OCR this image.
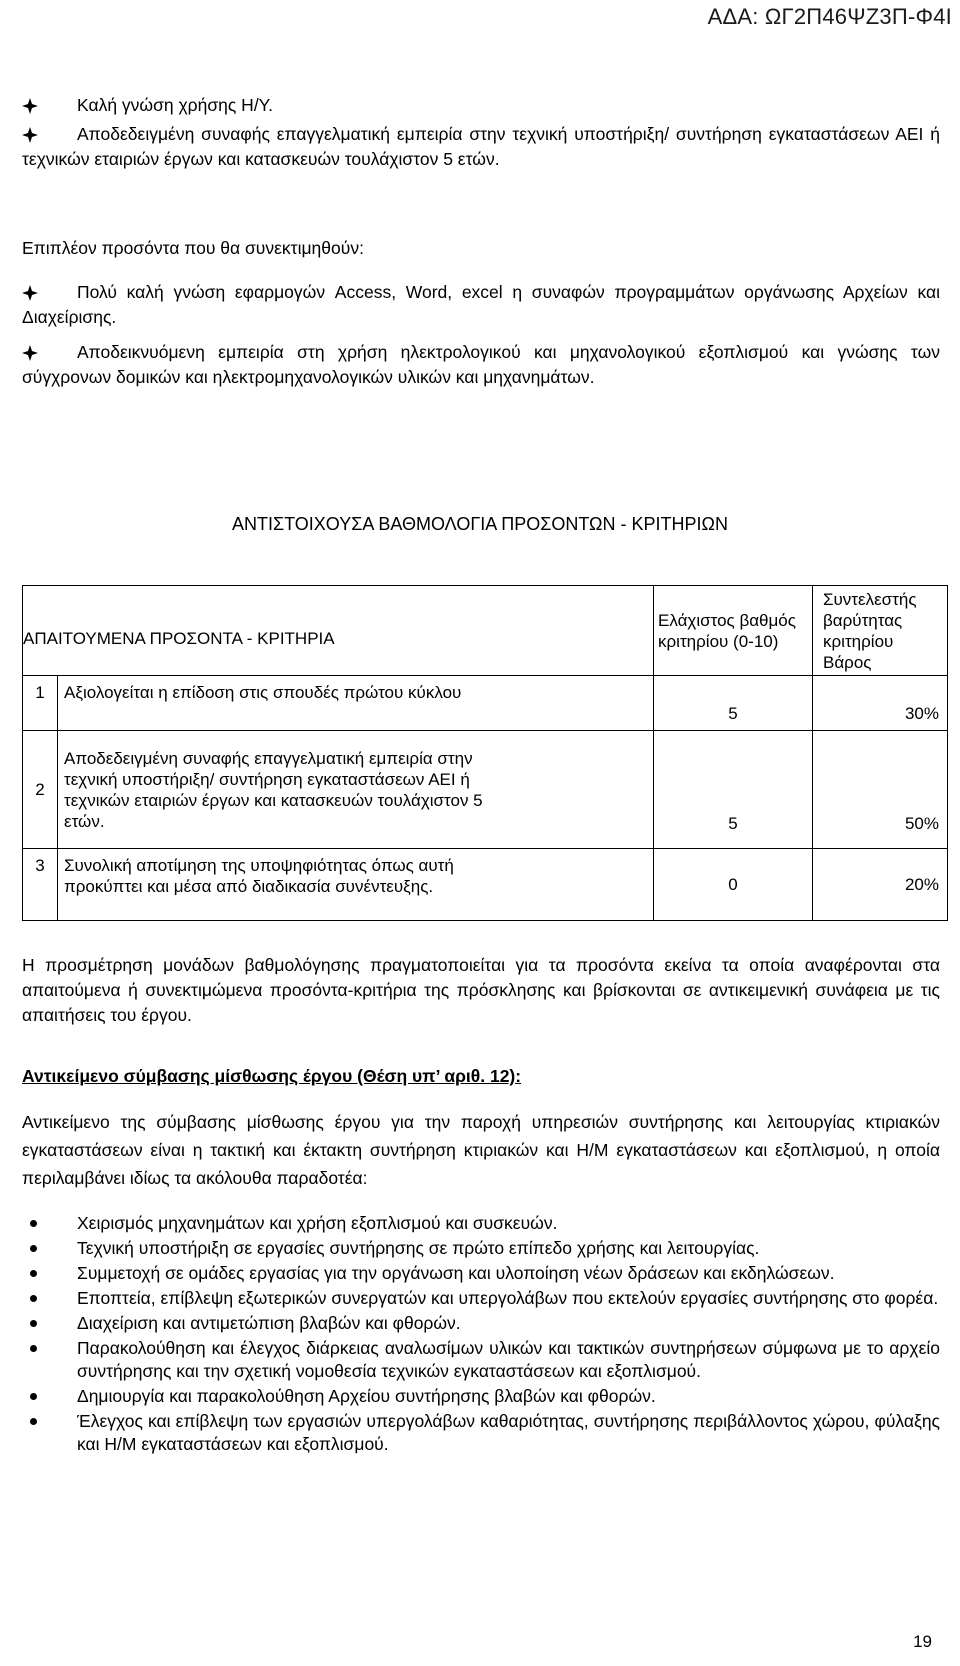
ΑΔΑ: ΩΓ2Π46ΨΖ3Π-Φ4Ι
Καλή γνώση χρήσης Η/Υ.
Αποδεδειγμένη συναφής επαγγελματική εμπειρία στην τεχνική υποστήριξη/ συντήρηση εγκαταστάσεων ΑΕΙ ή τεχνικών εταιριών έργων και κατασκευών τουλάχιστον 5 ετών.
Επιπλέον προσόντα που θα συνεκτιμηθούν:
Πολύ καλή γνώση εφαρμογών Access, Word, excel η συναφών προγραμμάτων οργάνωσης Αρχείων και Διαχείρισης.
Αποδεικνυόμενη εμπειρία στη χρήση ηλεκτρολογικού και μηχανολογικού εξοπλισμού και γνώσης των σύγχρονων δομικών και ηλεκτρομηχανολογικών υλικών και μηχανημάτων.
ΑΝΤΙΣΤΟΙΧΟΥΣΑ ΒΑΘΜΟΛΟΓΙΑ ΠΡΟΣΟΝΤΩΝ - ΚΡΙΤΗΡΙΩΝ
ΑΠΑΙΤΟΥΜΕΝΑ ΠΡΟΣΟΝΤΑ - ΚΡΙΤΗΡΙΑ		Ελάχιστος βαθμός κριτηρίου (0-10)	Συντελεστής βαρύτητας κριτηρίου Βάρος
1	Αξιολογείται η επίδοση στις σπουδές πρώτου κύκλου	5	30%
2	Αποδεδειγμένη συναφής επαγγελματική εμπειρία στην τεχνική υποστήριξη/ συντήρηση εγκαταστάσεων ΑΕΙ ή τεχνικών εταιριών έργων και κατασκευών τουλάχιστον 5 ετών.	5	50%
3	Συνολική αποτίμηση της υποψηφιότητας όπως αυτή προκύπτει και μέσα από διαδικασία συνέντευξης.	0	20%
Η προσμέτρηση μονάδων βαθμολόγησης πραγματοποιείται για τα προσόντα εκείνα τα οποία αναφέρονται στα απαιτούμενα ή συνεκτιμώμενα προσόντα-κριτήρια της πρόσκλησης και βρίσκονται σε αντικειμενική συνάφεια με τις απαιτήσεις του έργου.
Αντικείμενο σύμβασης μίσθωσης έργου (Θέση υπ’ αριθ. 12):
Αντικείμενο της σύμβασης μίσθωσης έργου για την παροχή υπηρεσιών συντήρησης και λειτουργίας κτιριακών εγκαταστάσεων είναι η τακτική και έκτακτη συντήρηση κτιριακών και Η/Μ εγκαταστάσεων και εξοπλισμού, η οποία περιλαμβάνει ιδίως τα ακόλουθα παραδοτέα:
Χειρισμός μηχανημάτων και χρήση εξοπλισμού και συσκευών.
Τεχνική υποστήριξη σε εργασίες συντήρησης σε πρώτο επίπεδο χρήσης και λειτουργίας.
Συμμετοχή σε ομάδες εργασίας για την οργάνωση και υλοποίηση νέων δράσεων και εκδηλώσεων.
Εποπτεία, επίβλεψη εξωτερικών συνεργατών και υπεργολάβων που εκτελούν εργασίες συντήρησης στο φορέα.
Διαχείριση και αντιμετώπιση βλαβών και φθορών.
Παρακολούθηση και έλεγχος διάρκειας αναλωσίμων υλικών και τακτικών συντηρήσεων σύμφωνα με το αρχείο συντήρησης και την σχετική νομοθεσία τεχνικών εγκαταστάσεων και εξοπλισμού.
Δημιουργία και παρακολούθηση Αρχείου συντήρησης βλαβών και φθορών.
Έλεγχος και επίβλεψη των εργασιών υπεργολάβων καθαριότητας, συντήρησης περιβάλλοντος χώρου, φύλαξης και Η/Μ εγκαταστάσεων και εξοπλισμού.
19
